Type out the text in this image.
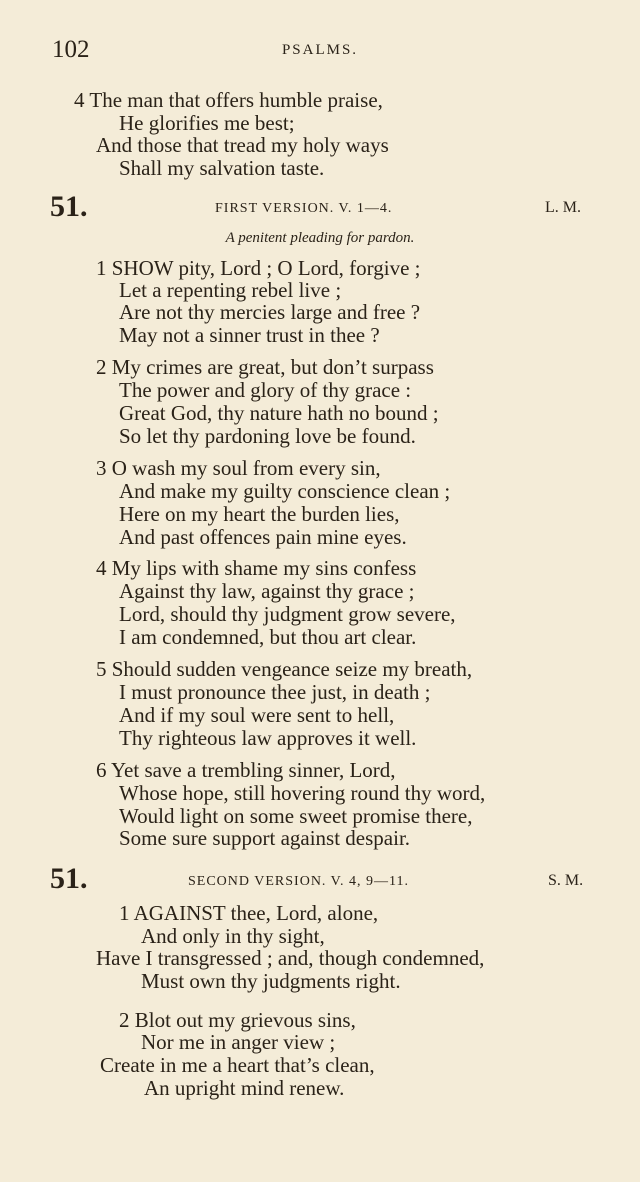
102	PSALMS.
4 The man that offers humble praise,
He glorifies me best;
And those that tread my holy ways
Shall my salvation taste.
51.	FIRST VERSION. V. 1—4.	L. M.
A penitent pleading for pardon.
1 SHOW pity, Lord ; O Lord, forgive ;
Let a repenting rebel live ;
Are not thy mercies large and free ?
May not a sinner trust in thee ?
2 My crimes are great, but don’t surpass
The power and glory of thy grace :
Great God, thy nature hath no bound ;
So let thy pardoning love be found.
3 O wash my soul from every sin,
And make my guilty conscience clean ;
Here on my heart the burden lies,
And past offences pain mine eyes.
4 My lips with shame my sins confess
Against thy law, against thy grace ;
Lord, should thy judgment grow severe,
I am condemned, but thou art clear.
5 Should sudden vengeance seize my breath,
I must pronounce thee just, in death ;
And if my soul were sent to hell,
Thy righteous law approves it well.
6 Yet save a trembling sinner, Lord,
Whose hope, still hovering round thy word,
Would light on some sweet promise there,
Some sure support against despair.
51.	SECOND VERSION. V. 4, 9—11.	S. M.
1 AGAINST thee, Lord, alone,
And only in thy sight,
Have I transgressed ; and, though condemned,
Must own thy judgments right.
2 Blot out my grievous sins,
Nor me in anger view ;
Create in me a heart that’s clean,
An upright mind renew.
